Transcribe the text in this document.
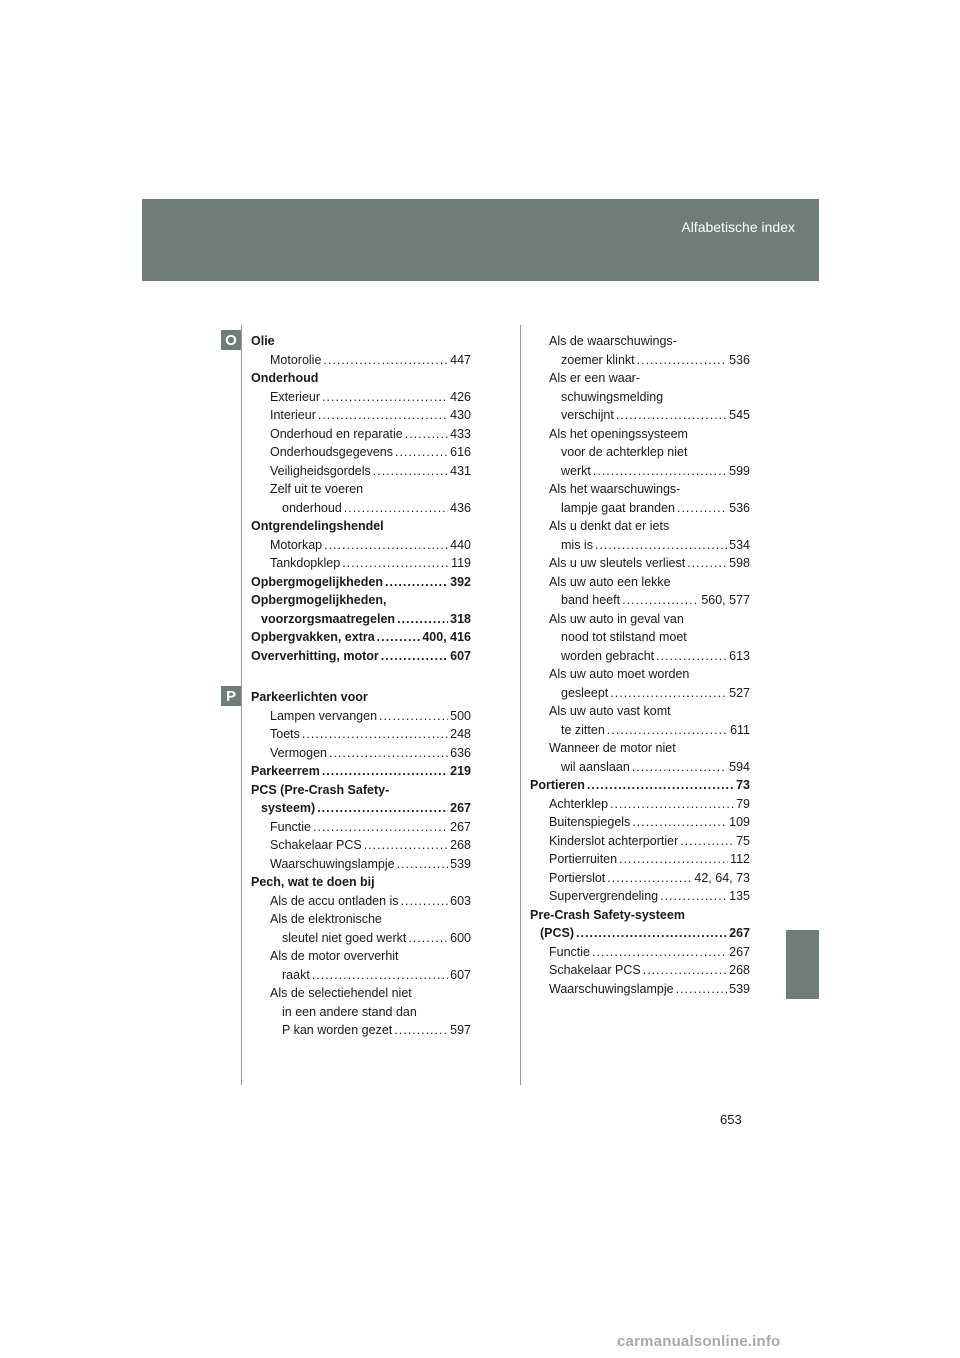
Alfabetische index
O
P
Olie
Motorolie .....	447
Onderhoud
Exterieur .....	426
Interieur .....	430
Onderhoud en reparatie .....	433
Onderhoudsgegevens .....	616
Veiligheidsgordels .....	431
Zelf uit te voeren
onderhoud .....	436
Ontgrendelingshendel
Motorkap .....	440
Tankdopklep .....	119
Opbergmogelijkheden .....	392
Opbergmogelijkheden,
voorzorgsmaatregelen .....	318
Opbergvakken, extra .....	400, 416
Oververhitting, motor .....	607
Parkeerlichten voor
Lampen vervangen .....	500
Toets .....	248
Vermogen .....	636
Parkeerrem .....	219
PCS (Pre-Crash Safety-
systeem) .....	267
Functie .....	267
Schakelaar PCS .....	268
Waarschuwingslampje .....	539
Pech, wat te doen bij
Als de accu ontladen is .....	603
Als de elektronische
sleutel niet goed werkt .....	600
Als de motor oververhit
raakt .....	607
Als de selectiehendel niet
in een andere stand dan
P kan worden gezet .....	597
Als de waarschuwings-
zoemer klinkt .....	536
Als er een waar-
schuwingsmelding
verschijnt .....	545
Als het openingssysteem
voor de achterklep niet
werkt .....	599
Als het waarschuwings-
lampje gaat branden .....	536
Als u denkt dat er iets
mis is .....	534
Als u uw sleutels verliest .....	598
Als uw auto een lekke
band heeft .....	560, 577
Als uw auto in geval van
nood tot stilstand moet
worden gebracht .....	613
Als uw auto moet worden
gesleept .....	527
Als uw auto vast komt
te zitten .....	611
Wanneer de motor niet
wil aanslaan .....	594
Portieren .....	73
Achterklep .....	79
Buitenspiegels .....	109
Kinderslot achterportier .....	75
Portierruiten .....	112
Portierslot .....	42, 64, 73
Supervergrendeling .....	135
Pre-Crash Safety-systeem
(PCS) .....	267
Functie .....	267
Schakelaar PCS .....	268
Waarschuwingslampje .....	539
653
carmanualsonline.info
